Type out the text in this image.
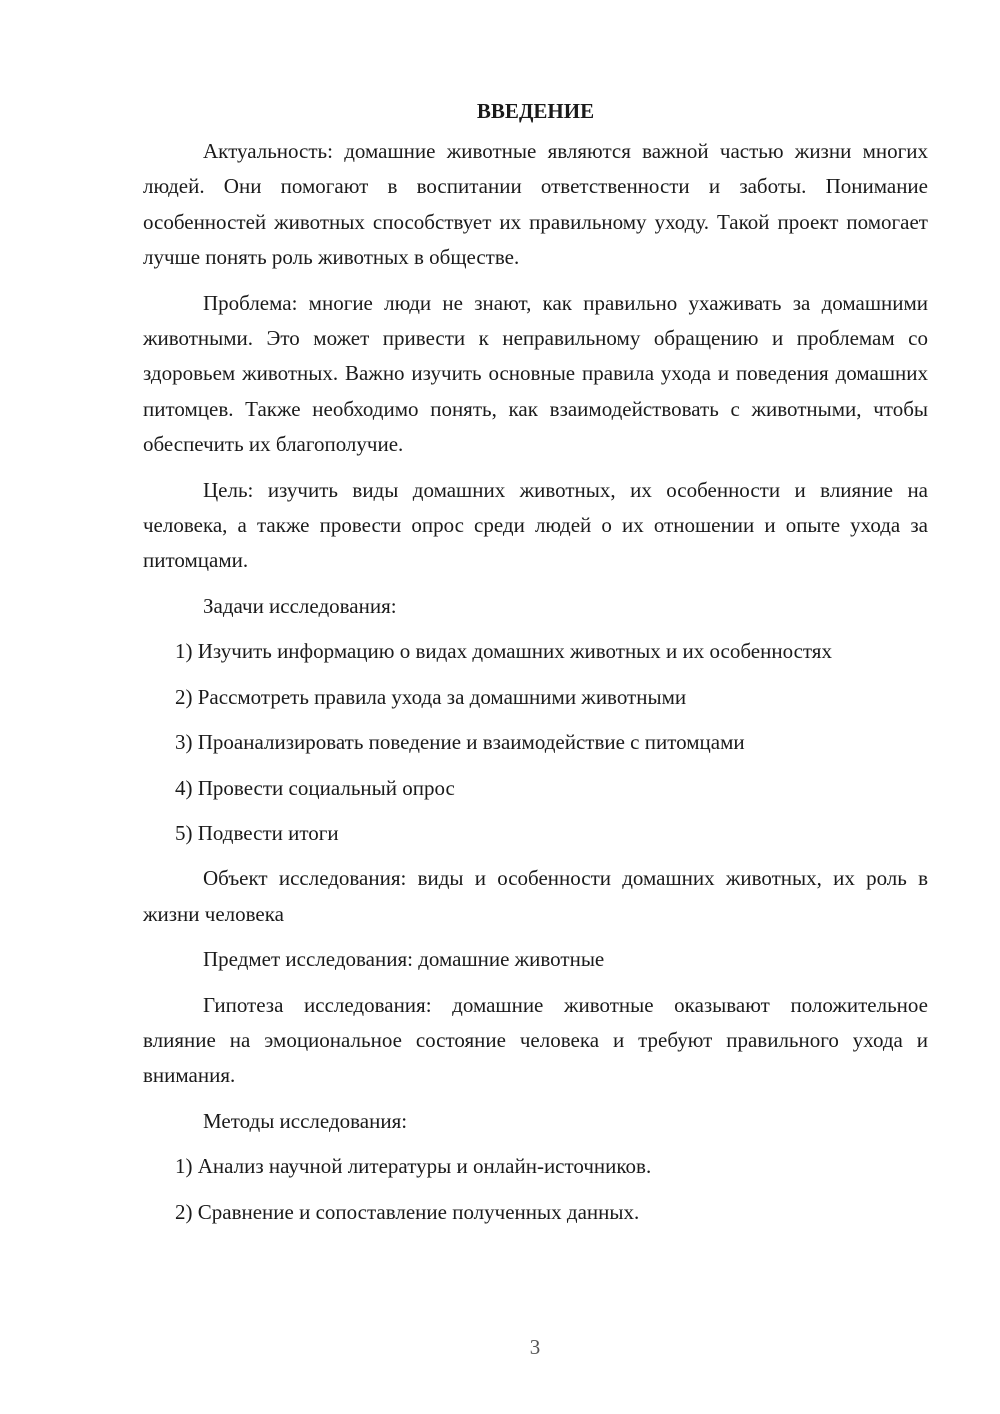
ВВЕДЕНИЕ

Актуальность: домашние животные являются важной частью жизни многих людей. Они помогают в воспитании ответственности и заботы. Понимание особенностей животных способствует их правильному уходу. Такой проект помогает лучше понять роль животных в обществе.

Проблема: многие люди не знают, как правильно ухаживать за домашними животными. Это может привести к неправильному обращению и проблемам со здоровьем животных. Важно изучить основные правила ухода и поведения домашних питомцев. Также необходимо понять, как взаимодействовать с животными, чтобы обеспечить их благополучие.

Цель: изучить виды домашних животных, их особенности и влияние на человека, а также провести опрос среди людей о их отношении и опыте ухода за питомцами.

Задачи исследования:

1) Изучить информацию о видах домашних животных и их особенностях

2) Рассмотреть правила ухода за домашними животными

3) Проанализировать поведение и взаимодействие с питомцами

4) Провести социальный опрос

5) Подвести итоги

Объект исследования: виды и особенности домашних животных, их роль в жизни человека

Предмет исследования: домашние животные

Гипотеза исследования: домашние животные оказывают положительное влияние на эмоциональное состояние человека и требуют правильного ухода и внимания.

Методы исследования:

1) Анализ научной литературы и онлайн-источников.

2) Сравнение и сопоставление полученных данных.

3
